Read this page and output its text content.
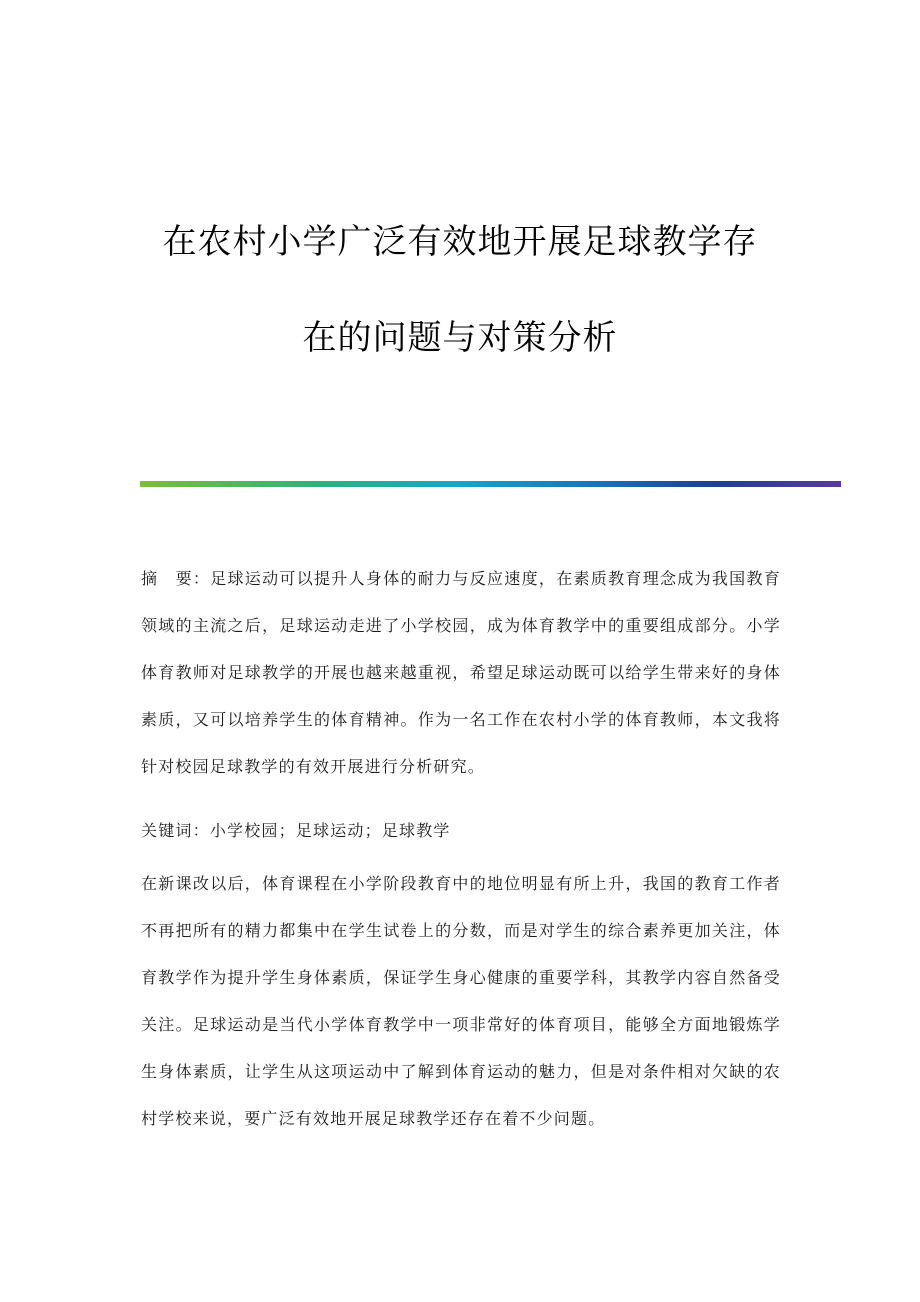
在农村小学广泛有效地开展足球教学存
在的问题与对策分析

摘　要：足球运动可以提升人身体的耐力与反应速度，在素质教育理念成为我国教育领域的主流之后，足球运动走进了小学校园，成为体育教学中的重要组成部分。小学体育教师对足球教学的开展也越来越重视，希望足球运动既可以给学生带来好的身体素质，又可以培养学生的体育精神。作为一名工作在农村小学的体育教师，本文我将针对校园足球教学的有效开展进行分析研究。

关键词：小学校园；足球运动；足球教学

在新课改以后，体育课程在小学阶段教育中的地位明显有所上升，我国的教育工作者不再把所有的精力都集中在学生试卷上的分数，而是对学生的综合素养更加关注，体育教学作为提升学生身体素质，保证学生身心健康的重要学科，其教学内容自然备受关注。足球运动是当代小学体育教学中一项非常好的体育项目，能够全方面地锻炼学生身体素质，让学生从这项运动中了解到体育运动的魅力，但是对条件相对欠缺的农村学校来说，要广泛有效地开展足球教学还存在着不少问题。
